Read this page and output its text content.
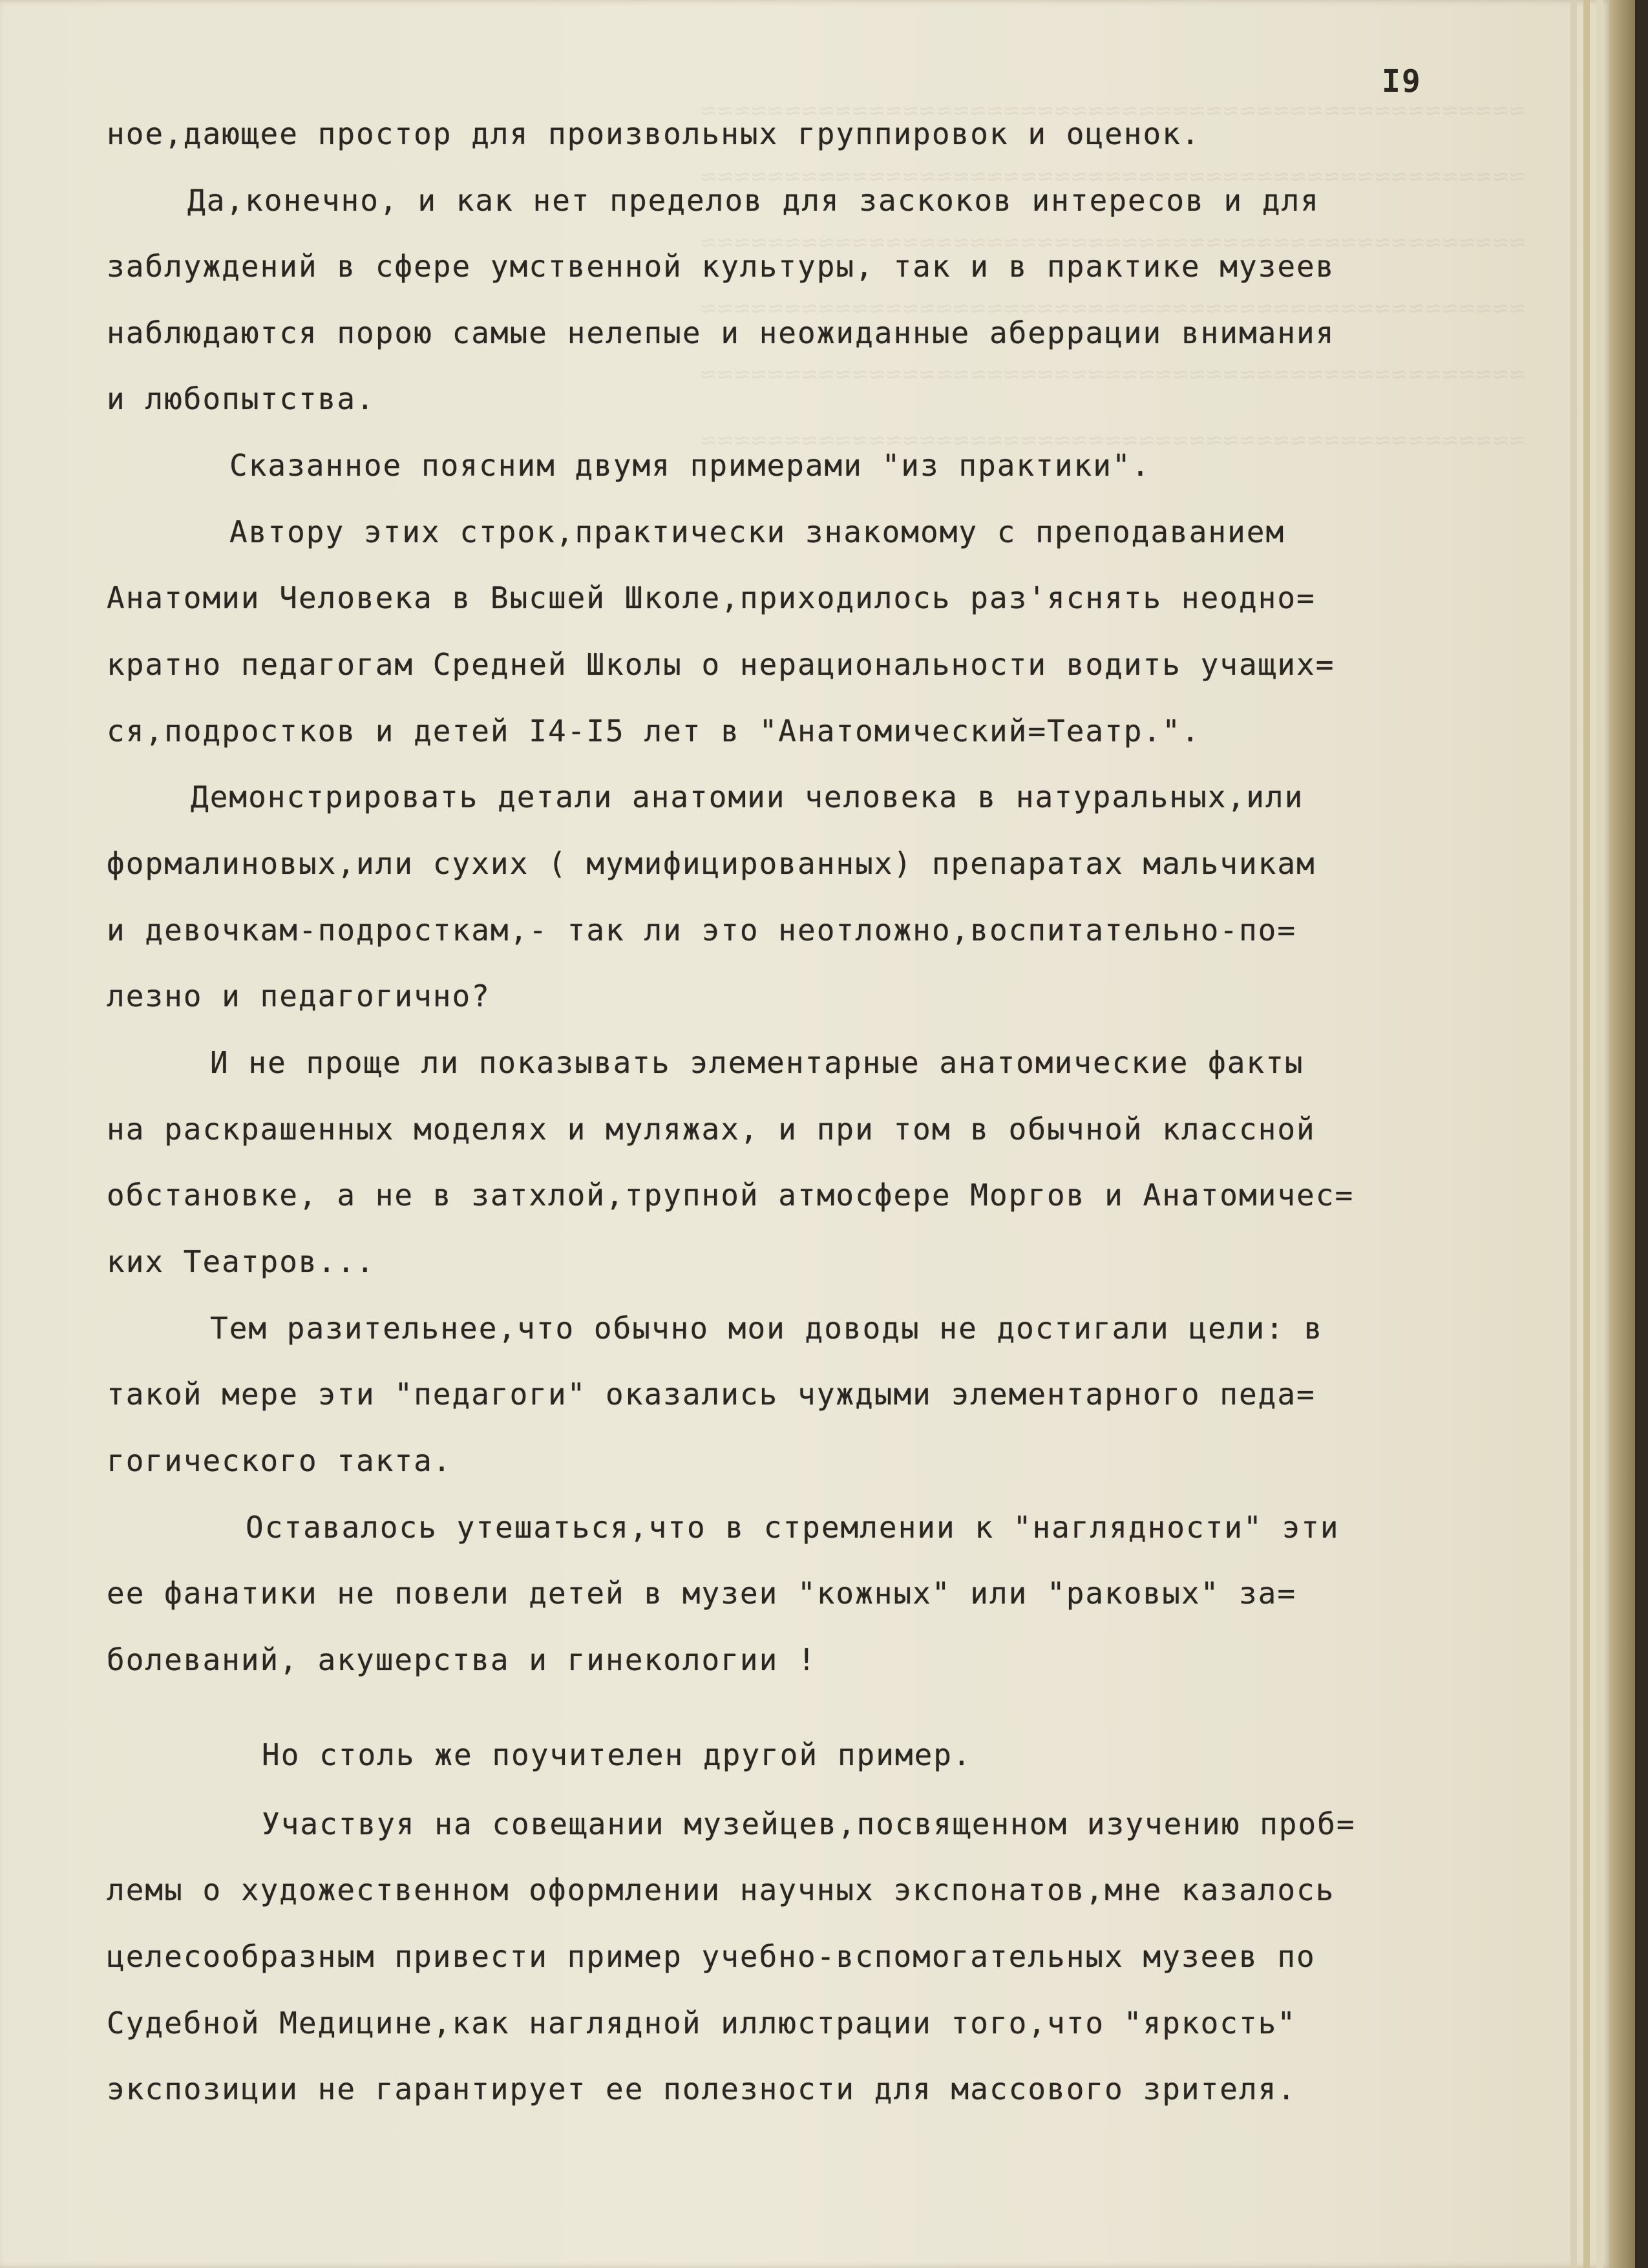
≈≈≈≈≈≈≈≈≈≈≈≈≈≈≈≈≈≈≈≈≈≈≈≈≈≈≈≈≈≈≈≈≈≈≈≈≈≈≈≈≈≈≈≈≈≈≈≈≈
≈≈≈≈≈≈≈≈≈≈≈≈≈≈≈≈≈≈≈≈≈≈≈≈≈≈≈≈≈≈≈≈≈≈≈≈≈≈≈≈≈≈≈≈≈≈≈≈≈
≈≈≈≈≈≈≈≈≈≈≈≈≈≈≈≈≈≈≈≈≈≈≈≈≈≈≈≈≈≈≈≈≈≈≈≈≈≈≈≈≈≈≈≈≈≈≈≈≈
≈≈≈≈≈≈≈≈≈≈≈≈≈≈≈≈≈≈≈≈≈≈≈≈≈≈≈≈≈≈≈≈≈≈≈≈≈≈≈≈≈≈≈≈≈≈≈≈≈
≈≈≈≈≈≈≈≈≈≈≈≈≈≈≈≈≈≈≈≈≈≈≈≈≈≈≈≈≈≈≈≈≈≈≈≈≈≈≈≈≈≈≈≈≈≈≈≈≈
≈≈≈≈≈≈≈≈≈≈≈≈≈≈≈≈≈≈≈≈≈≈≈≈≈≈≈≈≈≈≈≈≈≈≈≈≈≈≈≈≈≈≈≈≈≈≈≈≈
I9
ное,дающее простор для произвольных группировок и оценок.
Да,конечно, и как нет пределов для заскоков интересов и для
заблуждений в сфере умственной культуры, так и в практике музеев
наблюдаются порою самые нелепые и неожиданные аберрации внимания
и любопытства.
Сказанное поясним двумя примерами "из практики".
Автору этих строк,практически знакомому с преподаванием
Анатомии Человека в Высшей Школе,приходилось раз'яснять неодно=
кратно педагогам Средней Школы о нерациональности водить учащих=
ся,подростков и детей I4-I5 лет в "Анатомический=Театр.".
Демонстрировать детали анатомии человека в натуральных,или
формалиновых,или сухих ( мумифицированных) препаратах мальчикам
и девочкам-подросткам,- так ли это неотложно,воспитательно-по=
лезно и педагогично?
И не проще ли показывать элементарные анатомические факты
на раскрашенных моделях и муляжах, и при том в обычной классной
обстановке, а не в затхлой,трупной атмосфере Моргов и Анатомичес=
ких Театров...
Тем разительнее,что обычно мои доводы не достигали цели: в
такой мере эти "педагоги" оказались чуждыми элементарного педа=
гогического такта.
Оставалось утешаться,что в стремлении к "наглядности" эти
ее фанатики не повели детей в музеи "кожных" или "раковых" за=
болеваний, акушерства и гинекологии !
Но столь же поучителен другой пример.
Участвуя на совещании музейцев,посвященном изучению проб=
лемы о художественном оформлении научных экспонатов,мне казалось
целесообразным привести пример учебно-вспомогательных музеев по
Судебной Медицине,как наглядной иллюстрации того,что "яркость"
экспозиции не гарантирует ее полезности для массового зрителя.
